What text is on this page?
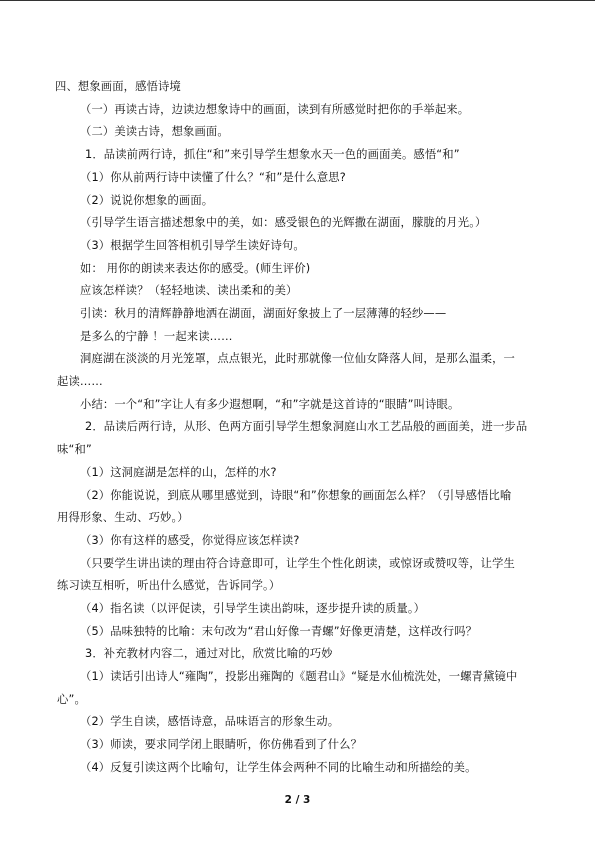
四、想象画面，感悟诗境
（一）再读古诗，边读边想象诗中的画面，读到有所感觉时把你的手举起来。
（二）美读古诗，想象画面。
1．品读前两行诗，抓住“和”来引导学生想象水天一色的画面美。感悟“和”
（1）你从前两行诗中读懂了什么？“和”是什么意思?
（2）说说你想象的画面。
（引导学生语言描述想象中的美，如：感受银色的光辉撒在湖面，朦胧的月光。）
（3）根据学生回答相机引导学生读好诗句。
如： 用你的朗读来表达你的感受。(师生评价)
应该怎样读？（轻轻地读、读出柔和的美）
引读：秋月的清辉静静地洒在湖面，湖面好象披上了一层薄薄的轻纱——
是多么的宁静 ！一起来读……
洞庭湖在淡淡的月光笼罩，点点银光，此时那就像一位仙女降落人间，是那么温柔，一
起读……
小结：一个“和”字让人有多少遐想啊，“和”字就是这首诗的“眼睛”叫诗眼。
2．品读后两行诗，从形、色两方面引导学生想象洞庭山水工艺品般的画面美，进一步品
味“和”
（1）这洞庭湖是怎样的山，怎样的水?
（2）你能说说，到底从哪里感觉到，诗眼“和”你想象的画面怎么样？（引导感悟比喻
用得形象、生动、巧妙。）
（3）你有这样的感受，你觉得应该怎样读?
（只要学生讲出读的理由符合诗意即可，让学生个性化朗读，或惊讶或赞叹等，让学生
练习读互相听，听出什么感觉，告诉同学。）
（4）指名读（以评促读，引导学生读出韵味，逐步提升读的质量。）
（5）品味独特的比喻：末句改为“君山好像一青螺”好像更清楚，这样改行吗？
3．补充教材内容二，通过对比，欣赏比喻的巧妙
（1）读话引出诗人“雍陶”，投影出雍陶的《题君山》“疑是水仙梳洗处，一螺青黛镜中
心”。
（2）学生自读，感悟诗意，品味语言的形象生动。
（3）师读，要求同学闭上眼睛听，你仿佛看到了什么？
（4）反复引读这两个比喻句，让学生体会两种不同的比喻生动和所描绘的美。
2 / 3
